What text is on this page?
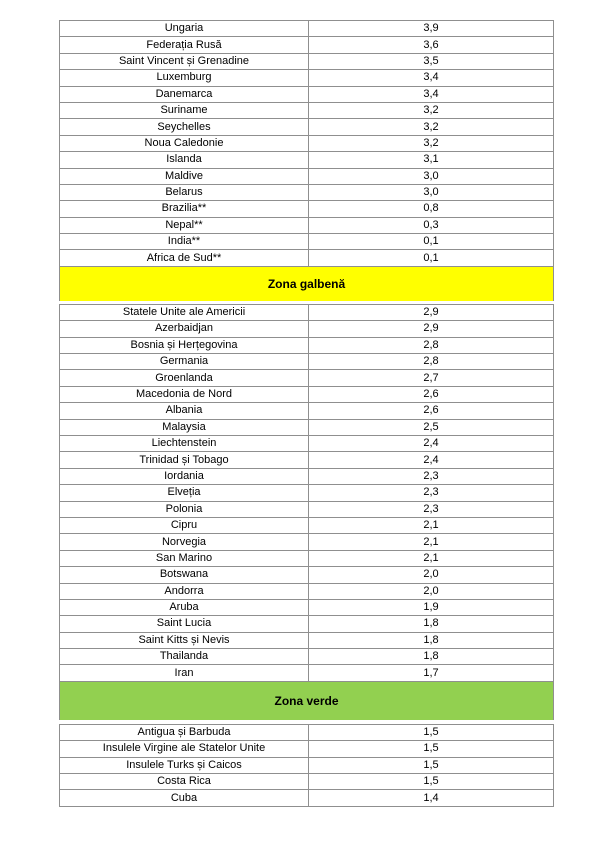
Ungaria	3,9
Federația Rusă	3,6
Saint Vincent și Grenadine	3,5
Luxemburg	3,4
Danemarca	3,4
Suriname	3,2
Seychelles	3,2
Noua Caledonie	3,2
Islanda	3,1
Maldive	3,0
Belarus	3,0
Brazilia**	0,8
Nepal**	0,3
India**	0,1
Africa de Sud**	0,1
Zona galbenă
Statele Unite ale Americii	2,9
Azerbaidjan	2,9
Bosnia și Herțegovina	2,8
Germania	2,8
Groenlanda	2,7
Macedonia de Nord	2,6
Albania	2,6
Malaysia	2,5
Liechtenstein	2,4
Trinidad și Tobago	2,4
Iordania	2,3
Elveția	2,3
Polonia	2,3
Cipru	2,1
Norvegia	2,1
San Marino	2,1
Botswana	2,0
Andorra	2,0
Aruba	1,9
Saint Lucia	1,8
Saint Kitts și Nevis	1,8
Thailanda	1,8
Iran	1,7
Zona verde
Antigua și Barbuda	1,5
Insulele Virgine ale Statelor Unite	1,5
Insulele Turks și Caicos	1,5
Costa Rica	1,5
Cuba	1,4
